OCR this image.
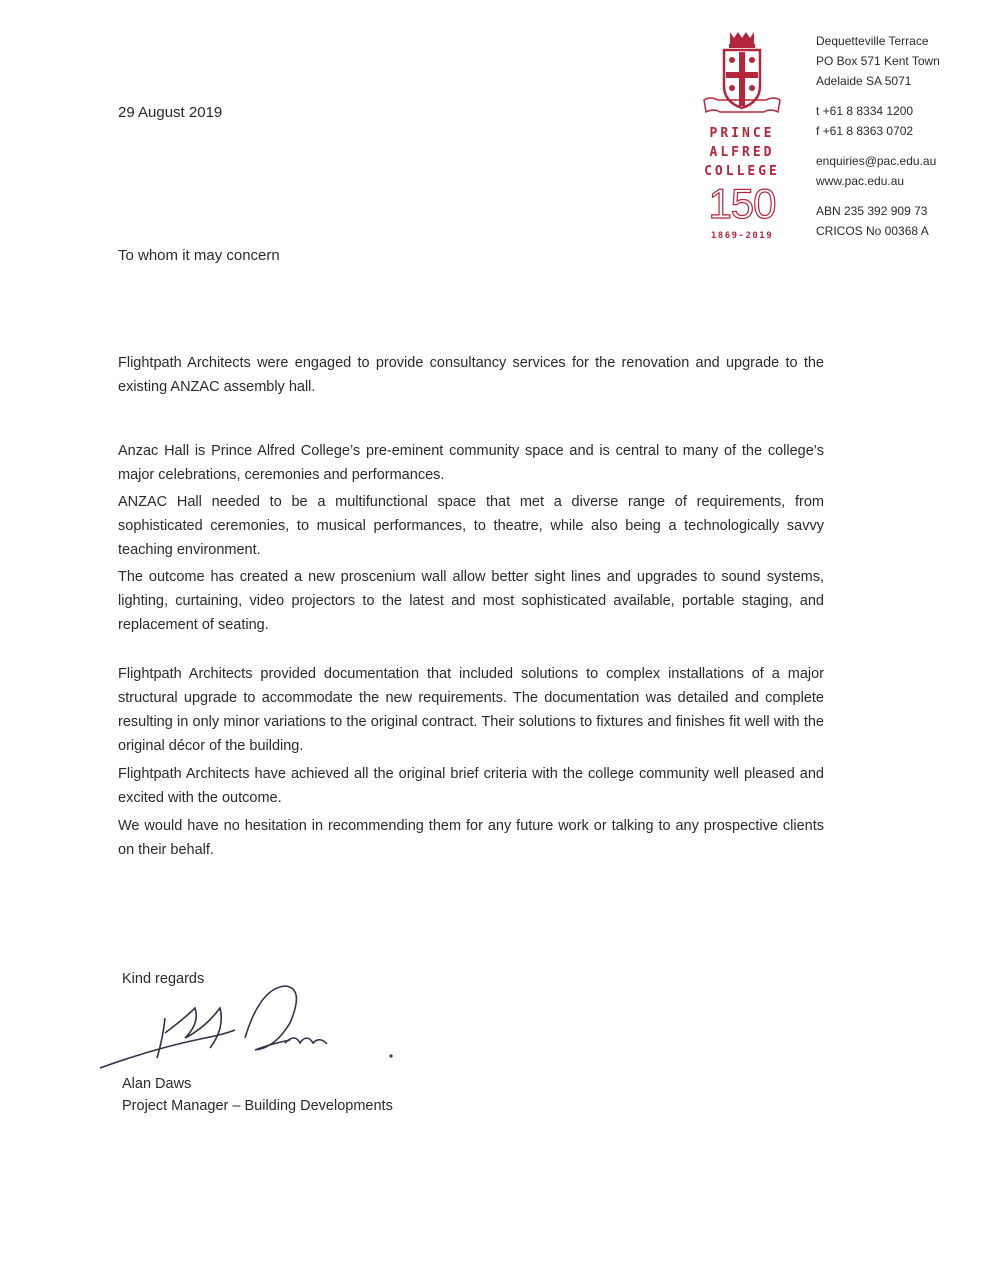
29 August 2019
PRINCE
ALFRED
COLLEGE
150
1869-2019
Dequetteville Terrace
PO Box 571 Kent Town
Adelaide SA 5071
t +61 8 8334 1200
f +61 8 8363 0702
enquiries@pac.edu.au
www.pac.edu.au
ABN 235 392 909 73
CRICOS No 00368 A
To whom it may concern
Flightpath Architects were engaged to provide consultancy services for the renovation and upgrade to the existing ANZAC assembly hall.
Anzac Hall is Prince Alfred College’s pre-eminent community space and is central to many of the college’s major celebrations, ceremonies and performances.
ANZAC Hall needed to be a multifunctional space that met a diverse range of requirements, from sophisticated ceremonies, to musical performances, to theatre, while also being a technologically savvy teaching environment.
The outcome has created a new proscenium wall allow better sight lines and upgrades to sound systems, lighting, curtaining, video projectors to the latest and most sophisticated available, portable staging, and replacement of seating.
Flightpath Architects provided documentation that included solutions to complex installations of a major structural upgrade to accommodate the new requirements. The documentation was detailed and complete resulting in only minor variations to the original contract. Their solutions to fixtures and finishes fit well with the original décor of the building.
Flightpath Architects have achieved all the original brief criteria with the college community well pleased and excited with the outcome.
We would have no hesitation in recommending them for any future work or talking to any prospective clients on their behalf.
Kind regards
Alan Daws
Project Manager – Building Developments
